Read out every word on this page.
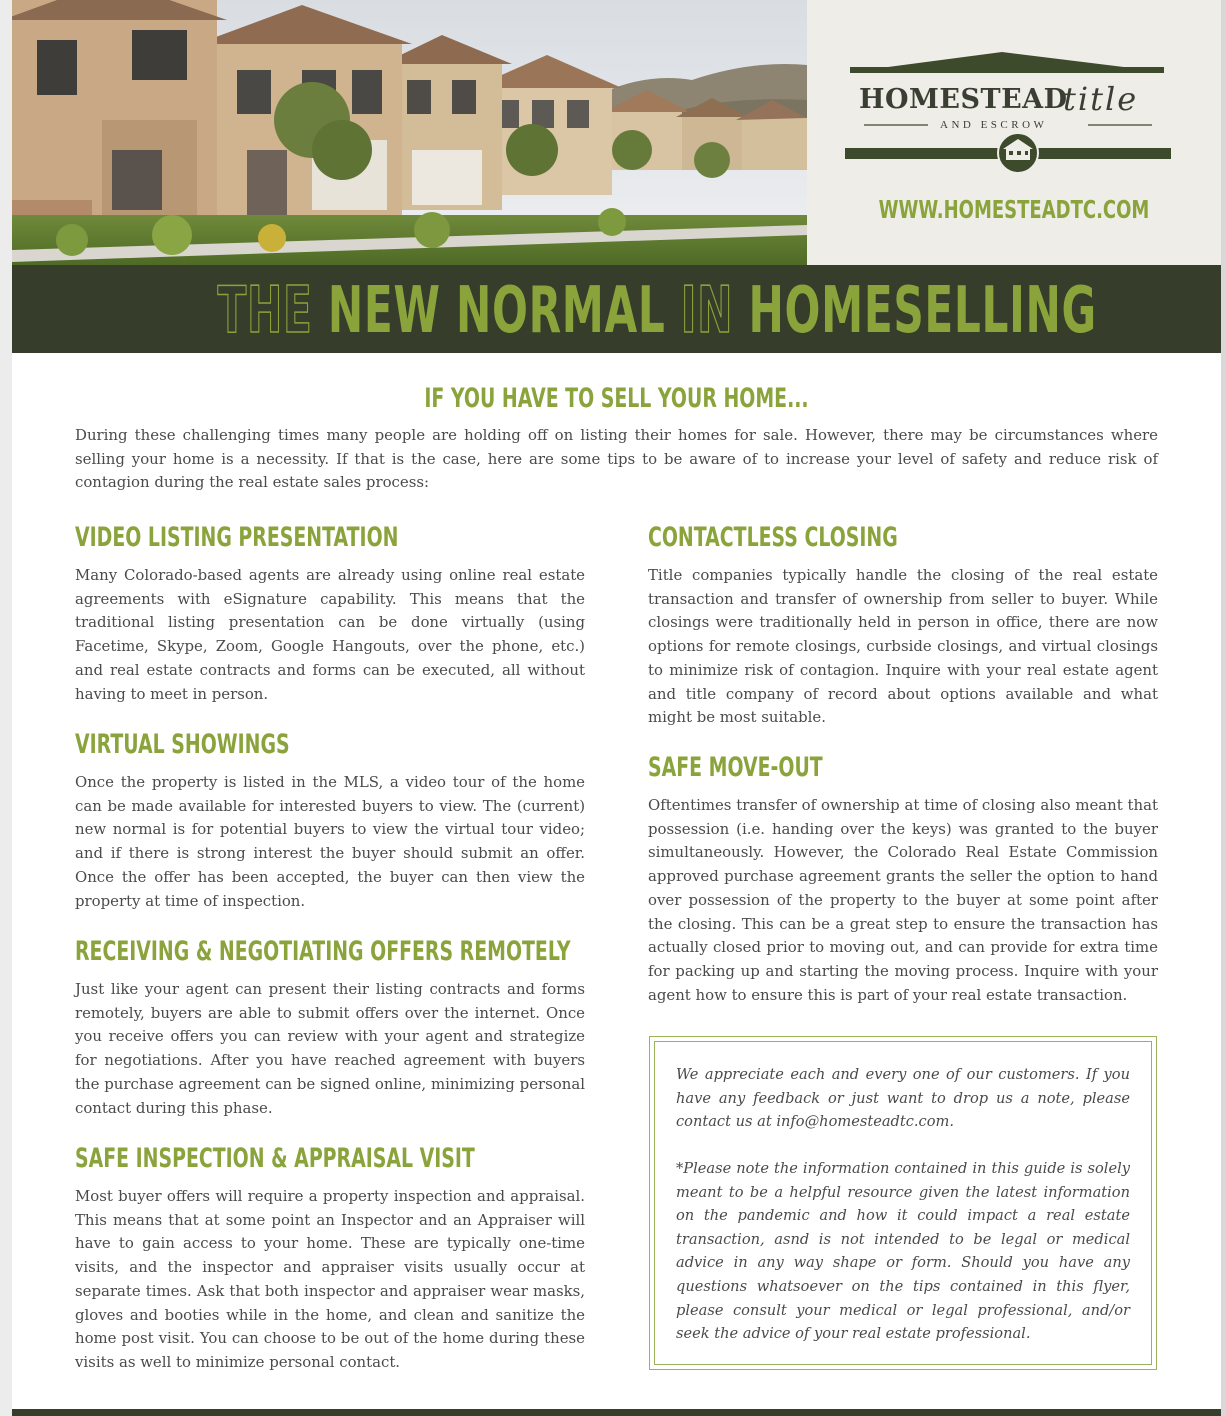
HOMESTEAD
title
AND ESCROW
WWW.HOMESTEADTC.COM
THE NEW NORMAL IN HOMESELLING
IF YOU HAVE TO SELL YOUR HOME...

During these challenging times many people are holding off on listing their homes for sale. However, there may be circumstances where selling your home is a necessity. If that is the case, here are some tips to be aware of to increase your level of safety and reduce risk of contagion during the real estate sales process:

VIDEO LISTING PRESENTATION

Many Colorado-based agents are already using online real estate agreements with eSignature capability. This means that the traditional listing presentation can be done virtually (using Facetime, Skype, Zoom, Google Hangouts, over the phone, etc.) and real estate contracts and forms can be executed, all without having to meet in person.

VIRTUAL SHOWINGS

Once the property is listed in the MLS, a video tour of the home can be made available for interested buyers to view. The (current) new normal is for potential buyers to view the virtual tour video; and if there is strong interest the buyer should submit an offer. Once the offer has been accepted, the buyer can then view the property at time of inspection.

RECEIVING & NEGOTIATING OFFERS REMOTELY

Just like your agent can present their listing contracts and forms remotely, buyers are able to submit offers over the internet. Once you receive offers you can review with your agent and strategize for negotiations. After you have reached agreement with buyers the purchase agreement can be signed online, minimizing personal contact during this phase.

SAFE INSPECTION & APPRAISAL VISIT

Most buyer offers will require a property inspection and appraisal. This means that at some point an Inspector and an Appraiser will have to gain access to your home. These are typically one-time visits, and the inspector and appraiser visits usually occur at separate times. Ask that both inspector and appraiser wear masks, gloves and booties while in the home, and clean and sanitize the home post visit. You can choose to be out of the home during these visits as well to minimize personal contact.

CONTACTLESS CLOSING

Title companies typically handle the closing of the real estate transaction and transfer of ownership from seller to buyer. While closings were traditionally held in person in office, there are now options for remote closings, curbside closings, and virtual closings to minimize risk of contagion. Inquire with your real estate agent and title company of record about options available and what might be most suitable.

SAFE MOVE-OUT

Oftentimes transfer of ownership at time of closing also meant that possession (i.e. handing over the keys) was granted to the buyer simultaneously. However, the Colorado Real Estate Commission approved purchase agreement grants the seller the option to hand over possession of the property to the buyer at some point after the closing. This can be a great step to ensure the transaction has actually closed prior to moving out, and can provide for extra time for packing up and starting the moving process. Inquire with your agent how to ensure this is part of your real estate transaction.

We appreciate each and every one of our customers. If you have any feedback or just want to drop us a note, please contact us at info@homesteadtc.com.

*Please note the information contained in this guide is solely meant to be a helpful resource given the latest information on the pandemic and how it could impact a real estate transaction, asnd is not intended to be legal or medical advice in any way shape or form. Should you have any questions whatsoever on the tips contained in this flyer, please consult your medical or legal professional, and/or seek the advice of your real estate professional.
